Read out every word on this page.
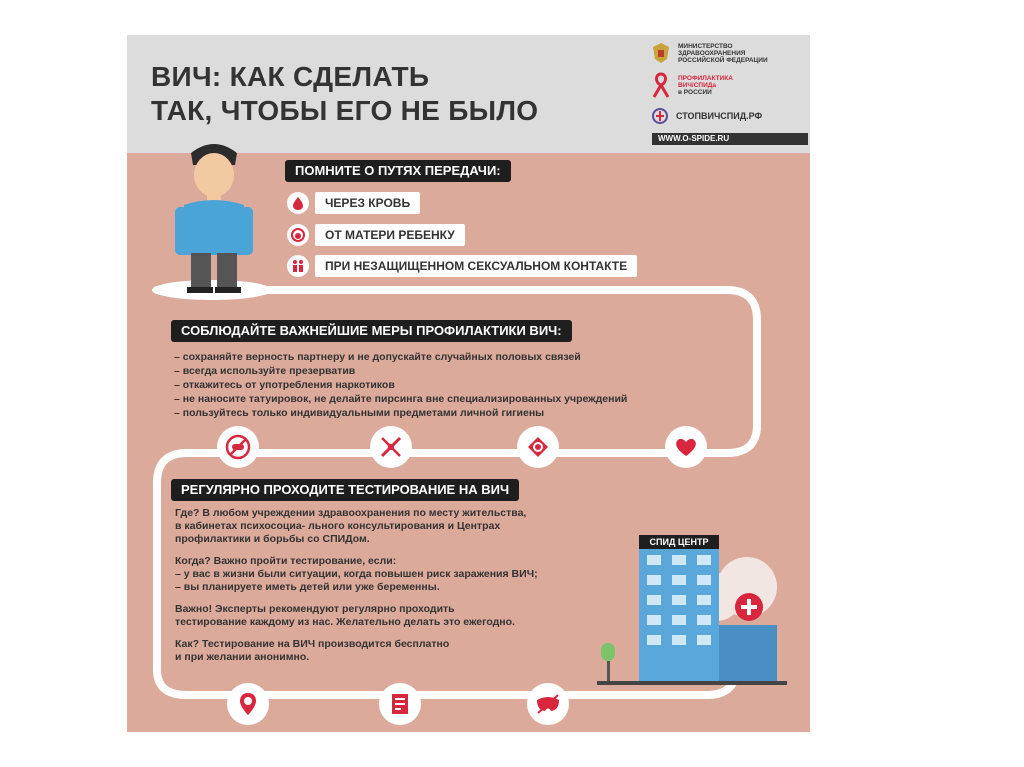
ВИЧ: КАК СДЕЛАТЬ
ТАК, ЧТОБЫ ЕГО НЕ БЫЛО
МИНИСТЕРСТВО
ЗДРАВООХРАНЕНИЯ
РОССИЙСКОЙ ФЕДЕРАЦИИ
ПРОФИЛАКТИКА
ВИЧ/СПИДа
в РОССИИ
СТОПВИЧСПИД.РФ
WWW.O-SPIDE.RU
ПОМНИТЕ О ПУТЯХ ПЕРЕДАЧИ:
ЧЕРЕЗ КРОВЬ
ОТ МАТЕРИ РЕБЕНКУ
ПРИ НЕЗАЩИЩЕННОМ СЕКСУАЛЬНОМ КОНТАКТЕ
СОБЛЮДАЙТЕ ВАЖНЕЙШИЕ МЕРЫ ПРОФИЛАКТИКИ ВИЧ:
– сохраняйте верность партнеру и не допускайте случайных половых связей
– всегда используйте презерватив
– откажитесь от употребления наркотиков
– не наносите татуировок, не делайте пирсинга вне специализированных учреждений
– пользуйтесь только индивидуальными предметами личной гигиены
РЕГУЛЯРНО ПРОХОДИТЕ ТЕСТИРОВАНИЕ НА ВИЧ

Где? В любом учреждении здравоохранения по месту жительства,
в кабинетах психосоциа- льного консультирования и Центрах
профилактики и борьбы со СПИДом.

Когда? Важно пройти тестирование, если:
– у вас в жизни были ситуации, когда повышен риск заражения ВИЧ;
– вы планируете иметь детей или уже беременны.

Важно! Эксперты рекомендуют регулярно проходить
тестирование каждому из нас. Желательно делать это ежегодно.

Как? Тестирование на ВИЧ производится бесплатно
и при желании анонимно.

СПИД ЦЕНТР
